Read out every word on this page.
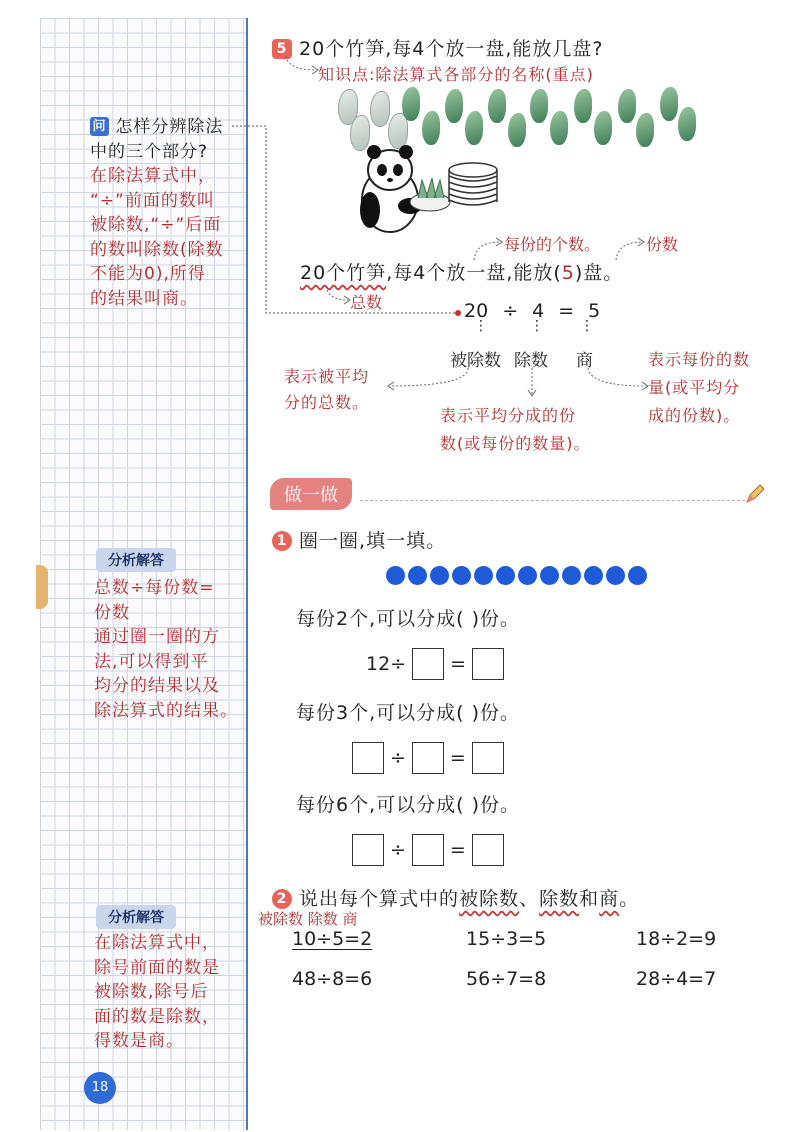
问 怎样分辨除法
中的三个部分?
在除法算式中，
“÷”前面的数叫
被除数,“÷”后面
的数叫除数(除数
不能为0),所得
的结果叫商。
分析解答
总数÷每份数=
份数
通过圈一圈的方
法,可以得到平
均分的结果以及
除法算式的结果。
分析解答
在除法算式中，
除号前面的数是
被除数,除号后
面的数是除数，
得数是商。
18
5 20个竹笋,每4个放一盘,能放几盘?
知识点:除法算式各部分的名称(重点)
每份的个数。	份数
20个竹笋,每4个放一盘,能放(5)盘。
总数	20 ÷ 4 = 5
⋮	⋮	⋮
被除数 除数 商
表示被平均
分的总数。
表示平均分成的份
数(或每份的数量)。
表示每份的数
量(或平均分
成的份数)。
做一做
1 圈一圈,填一填。
每份2个,可以分成( )份。
12÷ =
每份3个,可以分成( )份。
÷ =
每份6个,可以分成( )份。
÷ =
2 说出每个算式中的被除数、除数和商。
被除数 除数 商
10÷5=2	15÷3=5	18÷2=9
48÷8=6	56÷7=8	28÷4=7
